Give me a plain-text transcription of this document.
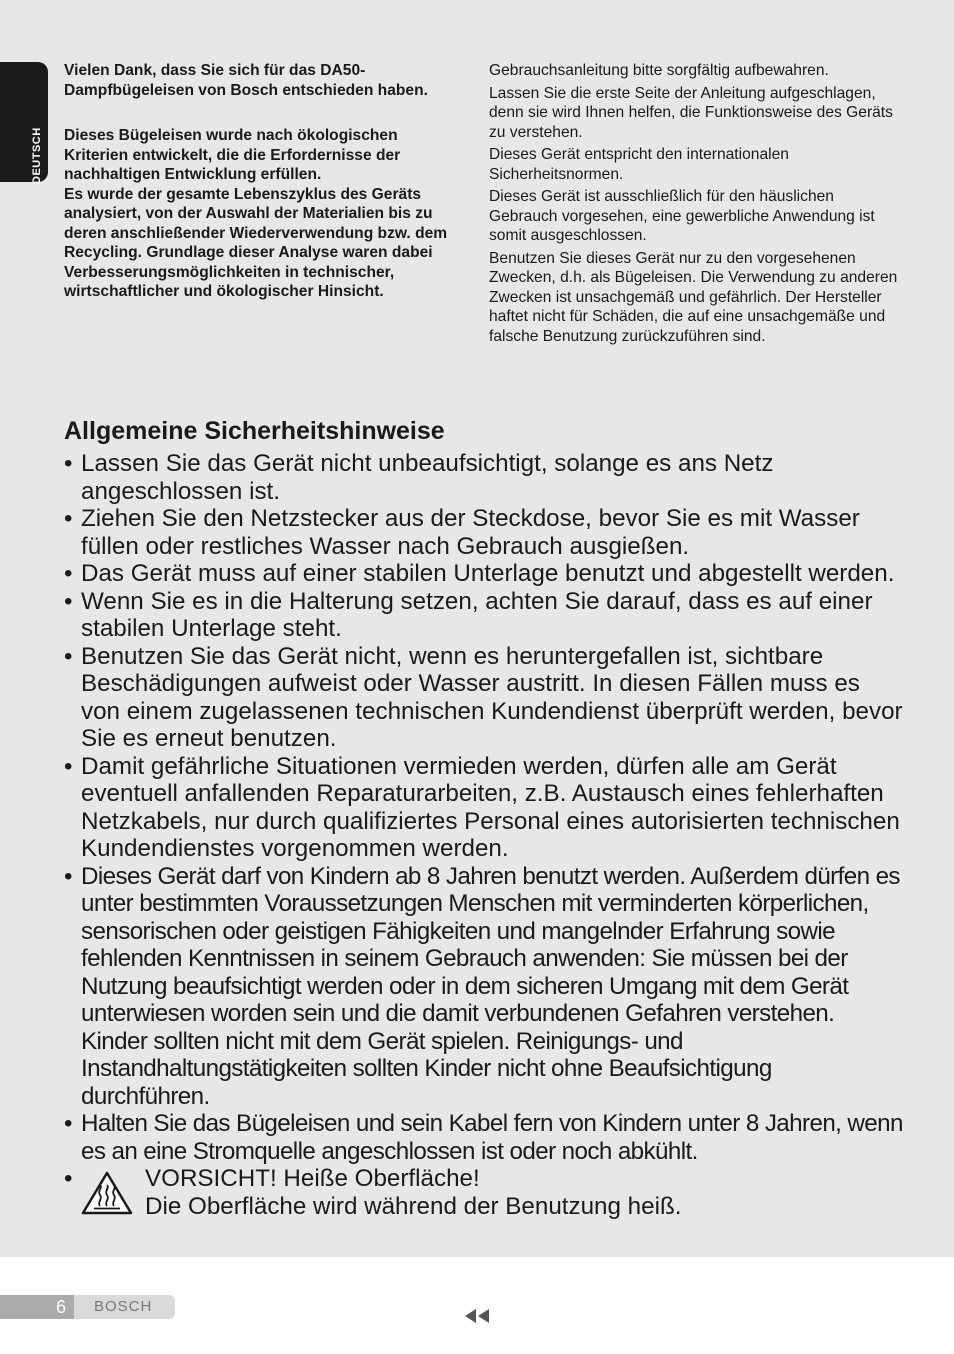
DEUTSCH

Vielen Dank, dass Sie sich für das DA50-Dampfbügeleisen von Bosch entschieden haben.

Dieses Bügeleisen wurde nach ökologischen Kriterien entwickelt, die die Erfordernisse der nachhaltigen Entwicklung erfüllen.

Es wurde der gesamte Lebenszyklus des Geräts analysiert, von der Auswahl der Materialien bis zu deren anschließender Wiederverwendung bzw. dem Recycling. Grundlage dieser Analyse waren dabei Verbesserungsmöglichkeiten in technischer, wirtschaftlicher und ökologischer Hinsicht.

Gebrauchsanleitung bitte sorgfältig aufbewahren.

Lassen Sie die erste Seite der Anleitung aufgeschlagen, denn sie wird Ihnen helfen, die Funktionsweise des Geräts zu verstehen.

Dieses Gerät entspricht den internationalen Sicherheitsnormen.

Dieses Gerät ist ausschließlich für den häuslichen Gebrauch vorgesehen, eine gewerbliche Anwendung ist somit ausgeschlossen.

Benutzen Sie dieses Gerät nur zu den vorgesehenen Zwecken, d.h. als Bügeleisen. Die Verwendung zu anderen Zwecken ist unsachgemäß und gefährlich. Der Hersteller haftet nicht für Schäden, die auf eine unsachgemäße und falsche Benutzung zurückzuführen sind.

Allgemeine Sicherheitshinweise
• Lassen Sie das Gerät nicht unbeaufsichtigt, solange es ans Netz angeschlossen ist.
• Ziehen Sie den Netzstecker aus der Steckdose, bevor Sie es mit Wasser füllen oder restliches Wasser nach Gebrauch ausgießen.
• Das Gerät muss auf einer stabilen Unterlage benutzt und abgestellt werden.
• Wenn Sie es in die Halterung setzen, achten Sie darauf, dass es auf einer stabilen Unterlage steht.
• Benutzen Sie das Gerät nicht, wenn es heruntergefallen ist, sichtbare Beschädigungen aufweist oder Wasser austritt. In diesen Fällen muss es von einem zugelassenen technischen Kundendienst überprüft werden, bevor Sie es erneut benutzen.
• Damit gefährliche Situationen vermieden werden, dürfen alle am Gerät eventuell anfallenden Reparaturarbeiten, z.B. Austausch eines fehlerhaften Netzkabels, nur durch qualifiziertes Personal eines autorisierten technischen Kundendienstes vorgenommen werden.
• Dieses Gerät darf von Kindern ab 8 Jahren benutzt werden. Außerdem dürfen es unter bestimmten Voraussetzungen Menschen mit verminderten körperlichen, sensorischen oder geistigen Fähigkeiten und mangelnder Erfahrung sowie fehlenden Kenntnissen in seinem Gebrauch anwenden: Sie müssen bei der Nutzung beaufsichtigt werden oder in dem sicheren Umgang mit dem Gerät unterwiesen worden sein und die damit verbundenen Gefahren verstehen. Kinder sollten nicht mit dem Gerät spielen. Reinigungs- und Instandhaltungstätigkeiten sollten Kinder nicht ohne Beaufsichtigung durchführen.
• Halten Sie das Bügeleisen und sein Kabel fern von Kindern unter 8 Jahren, wenn es an eine Stromquelle angeschlossen ist oder noch abkühlt.
• VORSICHT! Heiße Oberfläche!
Die Oberfläche wird während der Benutzung heiß.
6	BOSCH
